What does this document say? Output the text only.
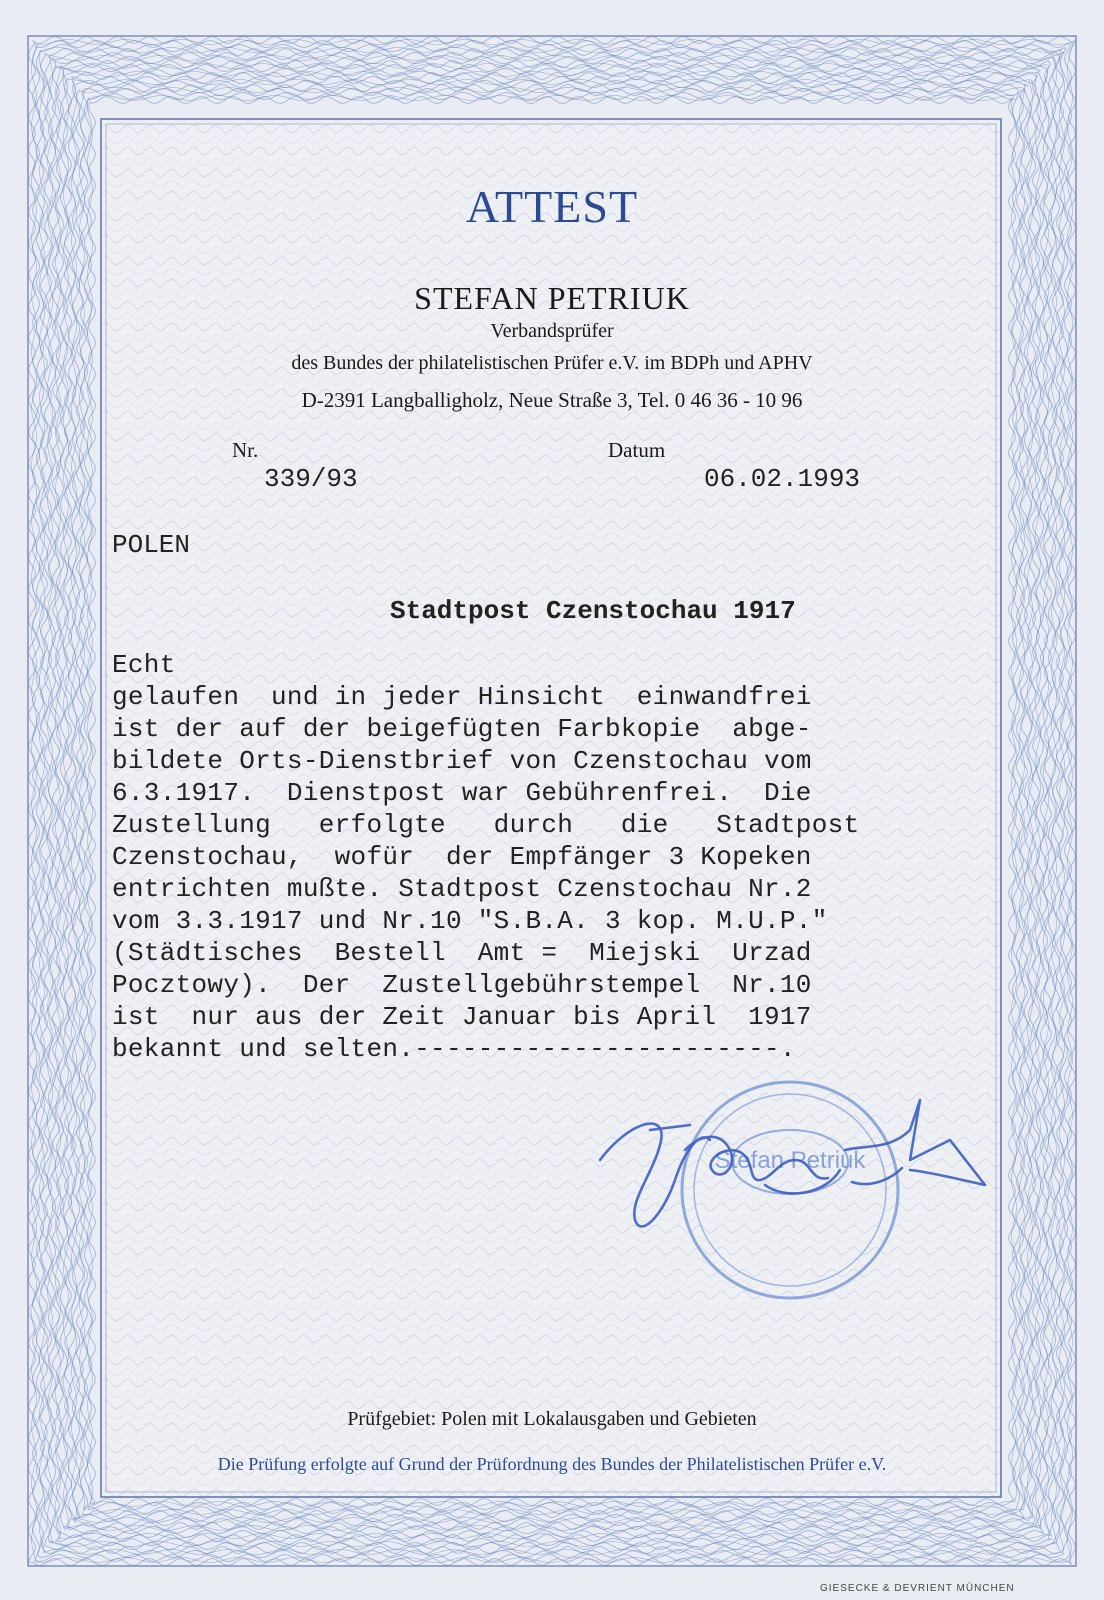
ATTEST
STEFAN PETRIUK
Verbandsprüfer
des Bundes der philatelistischen Prüfer e.V. im BDPh und APHV
D-2391 Langballigholz, Neue Straße 3, Tel. 0 46 36 - 10 96
Nr.
339/93
Datum
06.02.1993
POLEN
Stadtpost Czenstochau 1917
Echt
gelaufen  und in jeder Hinsicht  einwandfrei
ist der auf der beigefügten Farbkopie  abge-
bildete Orts-Dienstbrief von Czenstochau vom
6.3.1917.  Dienstpost war Gebührenfrei.  Die
Zustellung   erfolgte   durch   die   Stadtpost
Czenstochau,  wofür  der Empfänger 3 Kopeken
entrichten mußte. Stadtpost Czenstochau Nr.2
vom 3.3.1917 und Nr.10 "S.B.A. 3 kop. M.U.P."
(Städtisches  Bestell  Amt =  Miejski  Urzad
Pocztowy).  Der  Zustellgebührstempel  Nr.10
ist  nur aus der Zeit Januar bis April  1917
bekannt und selten.-----------------------.
Stefan Petriuk
Prüfgebiet: Polen mit Lokalausgaben und Gebieten
Die Prüfung erfolgte auf Grund der Prüfordnung des Bundes der Philatelistischen Prüfer e.V.
GIESECKE & DEVRIENT MÜNCHEN
